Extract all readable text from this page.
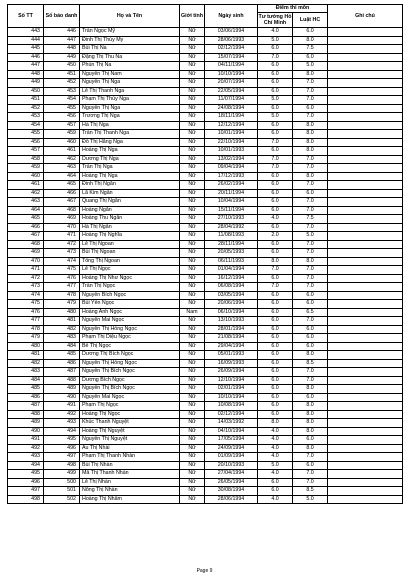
Số TT	Số báo danh	Họ và Tên	Giới tính	Ngày sinh	Điểm thi môn		Ghi chú
					Tư tưởng Hồ Chí Minh	Luật HC	
443	446	Trần Ngọc Mỹ	Nữ	03/06/1994	4.0	6.0	
444	447	Đinh Thị Thùy My	Nữ	28/06/1993	5.0	8.0	
445	448	Bùi Thị Na	Nữ	02/12/1994	6.0	7.5	
446	449	Đặng Thị Thu Na	Nữ	15/07/1994	7.0	6.0	
447	450	Phùn Thị Na	Nữ	04/11/1994	6.0	5.0	
448	451	Nguyễn Thị Nam	Nữ	10/10/1994	6.0	8.0	
449	452	Nguyễn Thị Nga	Nữ	20/07/1994	6.0	7.0	
450	453	Lê Thị Thanh Nga	Nữ	22/05/1994	6.0	7.0	
451	454	Phạm Thị Thúy Nga	Nữ	11/07/1994	5.0	7.0	
452	455	Nguyễn Thị Nga	Nữ	24/08/1994	6.0	6.0	
453	456	Trương Thị Nga	Nữ	18/11/1994	5.0	7.0	
454	457	Hà Thị Nga	Nữ	12/12/1994	6.0	8.0	
455	459	Trần Thị Thanh Nga	Nữ	10/01/1994	6.0	8.0	
456	460	Đỗ Thị Hằng Nga	Nữ	22/10/1994	7.0	8.0	
457	461	Hoàng Thị Nga	Nữ	10/01/1993	6.0	8.0	
458	462	Dương Thị Nga	Nữ	13/02/1994	7.0	7.0	
459	463	Trần Thị Nga	Nữ	09/04/1994	7.0	7.0	
460	464	Hoàng Thị Nga	Nữ	17/12/1993	6.0	8.0	
461	465	Đinh Thị Ngân	Nữ	26/02/1994	6.0	7.0	
462	466	Lã Kim Ngân	Nữ	20/11/1994	6.0	6.0	
463	467	Quang Thị Ngân	Nữ	10/04/1994	6.0	7.0	
464	468	Hoàng Ngân	Nữ	15/11/1994	6.0	7.0	
465	469	Hoàng Thu Ngân	Nữ	27/10/1993	4.0	7.5	
466	470	Hà Thị Ngân	Nữ	28/04/1992	6.0	7.0	
467	471	Hoàng Thị Nghĩa	Nữ	11/08/1993	2.0	5.0	
468	472	Lê Thị Ngoan	Nữ	28/11/1994	6.0	7.0	
469	473	Bùi Thị Ngoan	Nữ	20/05/1993	6.0	7.0	
470	474	Tống Thị Ngoan	Nữ	06/11/1993	8.0	8.0	
471	475	Lê Thị Ngọc	Nữ	01/04/1994	7.0	7.0	
472	476	Hoàng Thị Như Ngọc	Nữ	16/12/1994	6.0	7.0	
473	477	Trần Thị Ngọc	Nữ	06/08/1994	7.0	7.0	
474	478	Nguyễn Bích Ngọc	Nữ	03/05/1994	6.0	6.0	
475	479	Bùi Yến Ngọc	Nữ	20/06/1994	6.0	6.0	
476	480	Hoàng Anh Ngọc	Nam	06/10/1994	6.0	6.5	
477	481	Nguyễn Mai Ngọc	Nữ	13/10/1993	6.0	7.0	
478	482	Nguyễn Thị Hồng Ngọc	Nữ	28/01/1994	6.0	6.0	
479	483	Phạm Thị Diệu Ngọc	Nữ	21/08/1994	6.0	6.0	
480	484	Bế Thị Ngọc	Nữ	29/04/1994	6.0	6.0	
481	485	Dương Thị Bích Ngọc	Nữ	05/01/1993	6.0	8.0	
482	486	Nguyễn Thị Hồng Ngọc	Nữ	16/09/1993	6.0	8.5	
483	487	Nguyễn Thị Bích Ngọc	Nữ	26/09/1994	6.0	7.0	
484	488	Dương Bích Ngọc	Nữ	12/10/1994	6.0	7.0	
485	489	Nguyễn Thị Bích Ngọc	Nữ	02/01/1994	6.0	8.0	
486	490	Nguyễn Mai Ngọc	Nữ	10/10/1994	6.0	6.0	
487	491	Phạm Thị Ngọc	Nữ	10/08/1994	6.0	8.0	
488	492	Hoàng Thị Ngọc	Nữ	02/12/1994	6.0	8.0	
489	493	Khúc Thanh Nguyệt	Nữ	14/03/1992	8.0	8.0	
490	494	Hoàng Thị Nguyệt	Nữ	04/10/1994	4.0	8.0	
491	495	Nguyễn Thị Nguyệt	Nữ	17/05/1994	4.0	6.0	
492	496	Âu Thị Nhài	Nữ	24/09/1994	4.0	8.0	
493	497	Phạm Thị Thanh Nhàn	Nữ	01/09/1994	4.0	7.0	
494	498	Bùi Thị Nhàn	Nữ	20/10/1993	5.0	6.0	
495	499	Mẫ Thị Thanh Nhàn	Nữ	27/04/1994	4.0	7.0	
496	500	Lê Thị Nhàn	Nữ	26/05/1994	6.0	7.0	
497	501	Nông Thị Nhàn	Nữ	30/08/1994	6.0	8.5	
498	502	Hoàng Thị Nhâm	Nữ	28/06/1994	4.0	5.0	
Page 9
